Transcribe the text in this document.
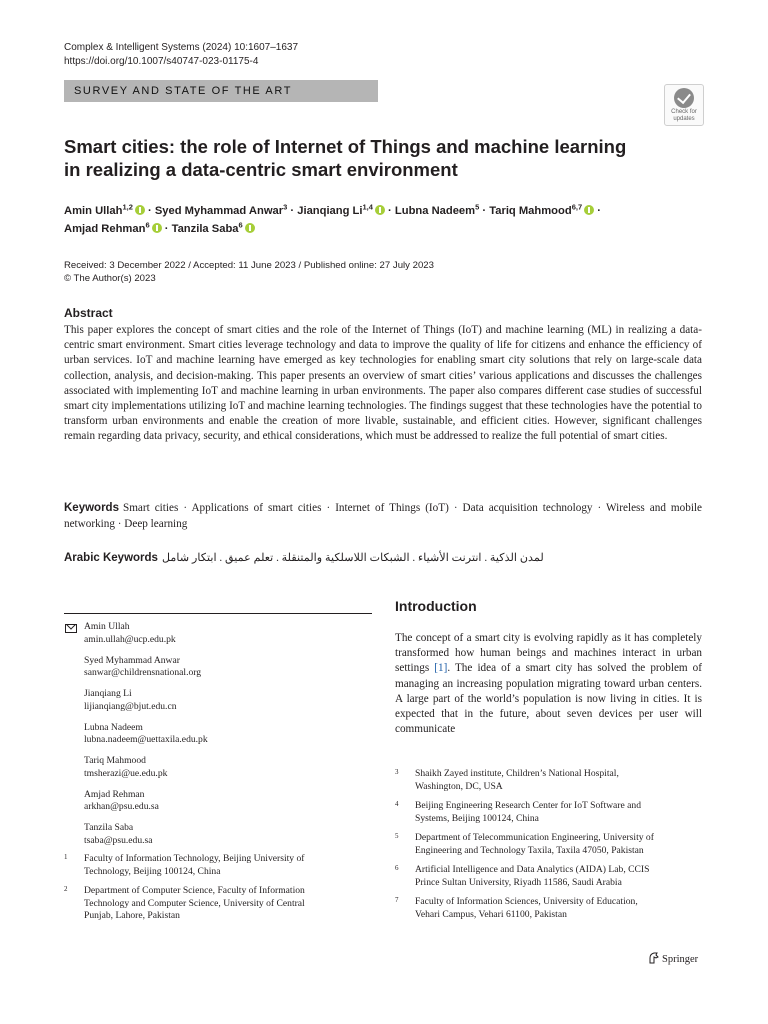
Complex & Intelligent Systems (2024) 10:1607–1637
https://doi.org/10.1007/s40747-023-01175-4
SURVEY AND STATE OF THE ART
Check for updates
Smart cities: the role of Internet of Things and machine learning
in realizing a data-centric smart environment
Amin Ullah$^{1,2}$ · Syed Myhammad Anwar$^3$ · Jianqiang Li$^{1,4}$ · Lubna Nadeem$^5$ · Tariq Mahmood$^{6,7}$ ·
Amjad Rehman$^6$ · Tanzila Saba$^6$
Received: 3 December 2022 / Accepted: 11 June 2023 / Published online: 27 July 2023
© The Author(s) 2023
Abstract
This paper explores the concept of smart cities and the role of the Internet of Things (IoT) and machine learning (ML) in realizing a data-centric smart environment. Smart cities leverage technology and data to improve the quality of life for citizens and enhance the efficiency of urban services. IoT and machine learning have emerged as key technologies for enabling smart city solutions that rely on large-scale data collection, analysis, and decision-making. This paper presents an overview of smart cities’ various applications and discusses the challenges associated with implementing IoT and machine learning in urban environments. The paper also compares different case studies of successful smart city implementations utilizing IoT and machine learning technologies. The findings suggest that these technologies have the potential to transform urban environments and enable the creation of more livable, sustainable, and efficient cities. However, significant challenges remain regarding data privacy, security, and ethical considerations, which must be addressed to realize the full potential of smart cities.
Keywords Smart cities · Applications of smart cities · Internet of Things (IoT) · Data acquisition technology · Wireless and mobile networking · Deep learning
Arabic Keywords لمدن الذكية . انترنت الأشياء . الشبكات اللاسلكية والمتنقلة . تعلم عميق . ابتكار شامل
Amin Ullah
amin.ullah@ucp.edu.pk
Syed Myhammad Anwar
sanwar@childrensnational.org
Jianqiang Li
lijianqiang@bjut.edu.cn
Lubna Nadeem
lubna.nadeem@uettaxila.edu.pk
Tariq Mahmood
tmsherazi@ue.edu.pk
Amjad Rehman
arkhan@psu.edu.sa
Tanzila Saba
tsaba@psu.edu.sa
1 Faculty of Information Technology, Beijing University of
Technology, Beijing 100124, China
2 Department of Computer Science, Faculty of Information
Technology and Computer Science, University of Central
Punjab, Lahore, Pakistan
Introduction
The concept of a smart city is evolving rapidly as it has completely transformed how human beings and machines interact in urban settings [1]. The idea of a smart city has solved the problem of managing an increasing population migrating toward urban centers. A large part of the world’s population is now living in cities. It is expected that in the future, about seven devices per user will communicate
3 Shaikh Zayed institute, Children’s National Hospital,
Washington, DC, USA
4 Beijing Engineering Research Center for IoT Software and
Systems, Beijing 100124, China
5 Department of Telecommunication Engineering, University of
Engineering and Technology Taxila, Taxila 47050, Pakistan
6 Artificial Intelligence and Data Analytics (AIDA) Lab, CCIS
Prince Sultan University, Riyadh 11586, Saudi Arabia
7 Faculty of Information Sciences, University of Education,
Vehari Campus, Vehari 61100, Pakistan
Springer
